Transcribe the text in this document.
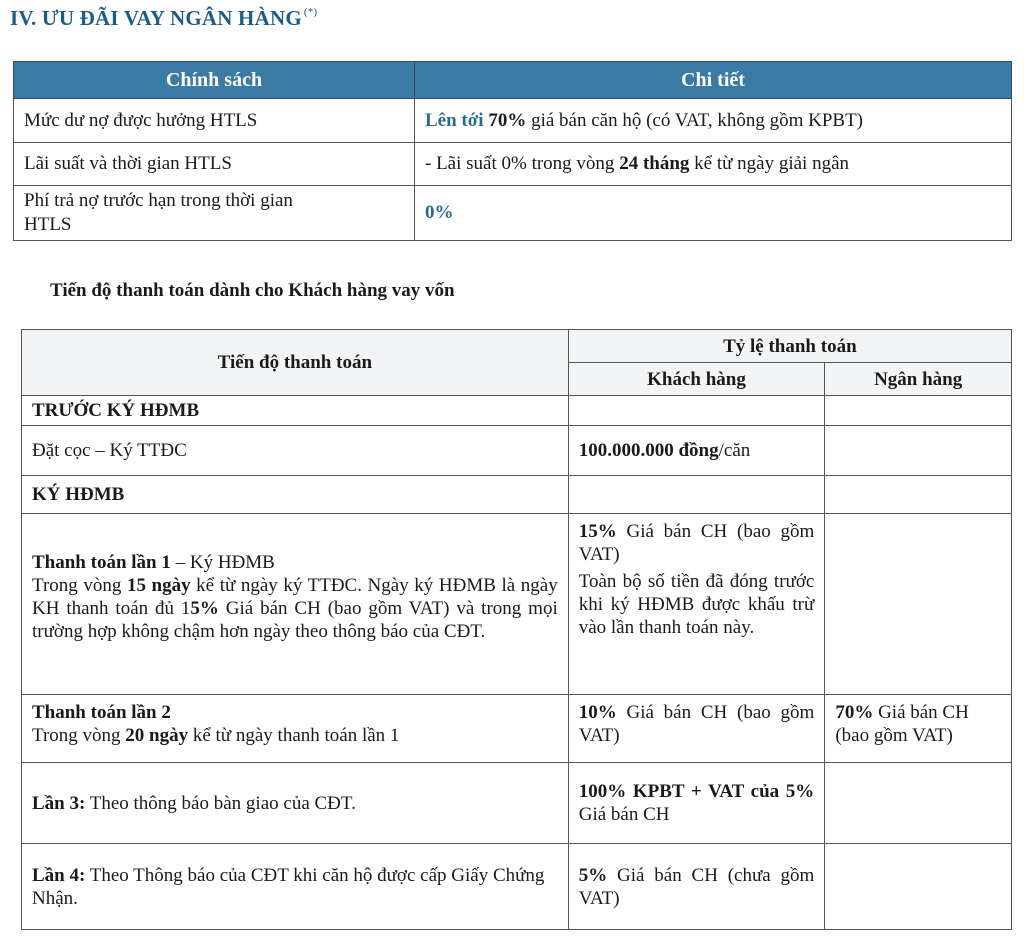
IV. ƯU ĐÃI VAY NGÂN HÀNG (*)
Chính sách	Chi tiết
Mức dư nợ được hưởng HTLS	Lên tới 70% giá bán căn hộ (có VAT, không gồm KPBT)
Lãi suất và thời gian HTLS	- Lãi suất 0% trong vòng 24 tháng kể từ ngày giải ngân
Phí trả nợ trước hạn trong thời gian
HTLS	0%
Tiến độ thanh toán dành cho Khách hàng vay vốn
Tiến độ thanh toán	Tỷ lệ thanh toán	
	Khách hàng	Ngân hàng
TRƯỚC KÝ HĐMB		
Đặt cọc – Ký TTĐC	100.000.000 đồng/căn	
KÝ HĐMB		
Thanh toán lần 1 – Ký HĐMB
Trong vòng 15 ngày kể từ ngày ký TTĐC. Ngày ký HĐMB là ngày KH thanh toán đủ 15% Giá bán CH (bao gồm VAT) và trong mọi trường hợp không chậm hơn ngày theo thông báo của CĐT.	15% Giá bán CH (bao gồm VAT)
Toàn bộ số tiền đã đóng trước khi ký HĐMB được khấu trừ vào lần thanh toán này.	

Thanh toán lần 2
Trong vòng 20 ngày kể từ ngày thanh toán lần 1	10% Giá bán CH (bao gồm VAT)	70% Giá bán CH (bao gồm VAT)
Lần 3: Theo thông báo bàn giao của CĐT.	100% KPBT + VAT của 5% Giá bán CH	
Lần 4: Theo Thông báo của CĐT khi căn hộ được cấp Giấy Chứng Nhận.	5% Giá bán CH (chưa gồm VAT)	
